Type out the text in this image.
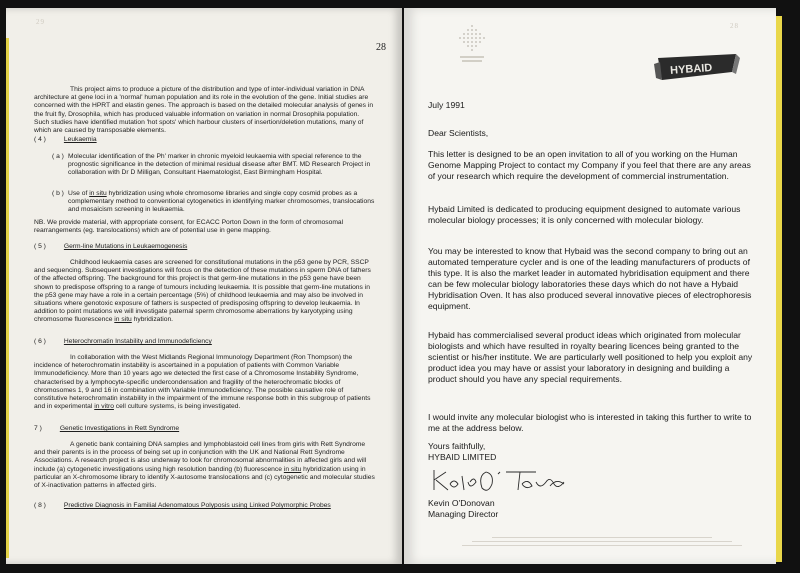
29
28
This project aims to produce a picture of the distribution and type of inter-individual variation in DNA architecture at gene loci in a 'normal' human population and its role in the evolution of the gene. Initial studies are concerned with the HPRT and elastin genes. The approach is based on the detailed molecular analysis of genes in the fruit fly, Drosophila, which has produced valuable information on variation in normal Drosophila population. Such studies have identified mutation 'hot spots' which harbour clusters of insertion/deletion mutations, many of which are caused by transposable elements.
( 4 )	Leukaemia
( a ) Molecular identification of the Ph' marker in chronic myeloid leukaemia with special reference to the prognostic significance in the detection of minimal residual disease after BMT. MD Research Project in collaboration with Dr D Milligan, Consultant Haematologist, East Birmingham Hospital.
( b ) Use of in situ hybridization using whole chromosome libraries and single copy cosmid probes as a complementary method to conventional cytogenetics in identifying marker chromosomes, translocations and mosaicism screening in leukaemia.
NB. We provide material, with appropriate consent, for ECACC Porton Down in the form of chromosomal rearrangements (eg. translocations) which are of potential use in gene mapping.
( 5 )	Germ-line Mutations in Leukaemogenesis
Childhood leukaemia cases are screened for constitutional mutations in the p53 gene by PCR, SSCP and sequencing. Subsequent investigations will focus on the detection of these mutations in sperm DNA of fathers of the affected offspring. The background for this project is that germ-line mutations in the p53 gene have been shown to predispose offspring to a range of tumours including leukaemia. It is possible that germ-line mutations in the p53 gene may have a role in a certain percentage (5%) of childhood leukaemia and may also be involved in situations where genotoxic exposure of fathers is suspected of predisposing offspring to develop leukaemia. In addition to point mutations we will investigate paternal sperm chromosome aberrations by karyotyping using chromosome fluorescence in situ hybridization.
( 6 )	Heterochromatin Instability and Immunodeficiency
In collaboration with the West Midlands Regional Immunology Department (Ron Thompson) the incidence of heterochromatin instability is ascertained in a population of patients with Common Variable Immunodeficiency. More than 10 years ago we detected the first case of a Chromosome Instability Syndrome, characterised by a lymphocyte-specific undercondensation and fragility of the heterochromatic blocks of chromosomes 1, 9 and 16 in combination with Variable Immunodeficiency. The possible causative role of constitutive heterochromatin instability in the impairment of the immune response both in this subgroup of patients and in experimental in vitro cell culture systems, is being investigated.
7 )	Genetic Investigations in Rett Syndrome
A genetic bank containing DNA samples and lymphoblastoid cell lines from girls with Rett Syndrome and their parents is in the process of being set up in conjunction with the UK and National Rett Syndrome Associations. A research project is also underway to look for chromosomal abnormalities in affected girls and will include (a) cytogenetic investigations using high resolution banding (b) fluorescence in situ hybridization using in particular an X-chromosome library to identify X-autosome translocations and (c) cytogenetic and molecular studies of X-inactivation patterns in affected girls.
( 8 )	Predictive Diagnosis in Familial Adenomatous Polyposis using Linked Polymorphic Probes
28
HYBAID
July 1991
Dear Scientists,
This letter is designed to be an open invitation to all of you working on the Human Genome Mapping Project to contact my Company if you feel that there are any areas of your research which require the development of commercial instrumentation.
Hybaid Limited is dedicated to producing equipment designed to automate various molecular biology processes; it is only concerned with molecular biology.
You may be interested to know that Hybaid was the second company to bring out an automated temperature cycler and is one of the leading manufacturers of products of this type. It is also the market leader in automated hybridisation equipment and there can be few molecular biology laboratories these days which do not have a Hybaid Hybridisation Oven. It has also produced several innovative pieces of electrophoresis equipment.
Hybaid has commercialised several product ideas which originated from molecular biologists and which have resulted in royalty bearing licences being granted to the scientist or his/her institute. We are particularly well positioned to help you exploit any product idea you may have or assist your laboratory in designing and building a product should you have any special requirements.
I would invite any molecular biologist who is interested in taking this further to write to me at the address below.
Yours faithfully,
HYBAID LIMITED
Kevin O'Donovan
Managing Director
